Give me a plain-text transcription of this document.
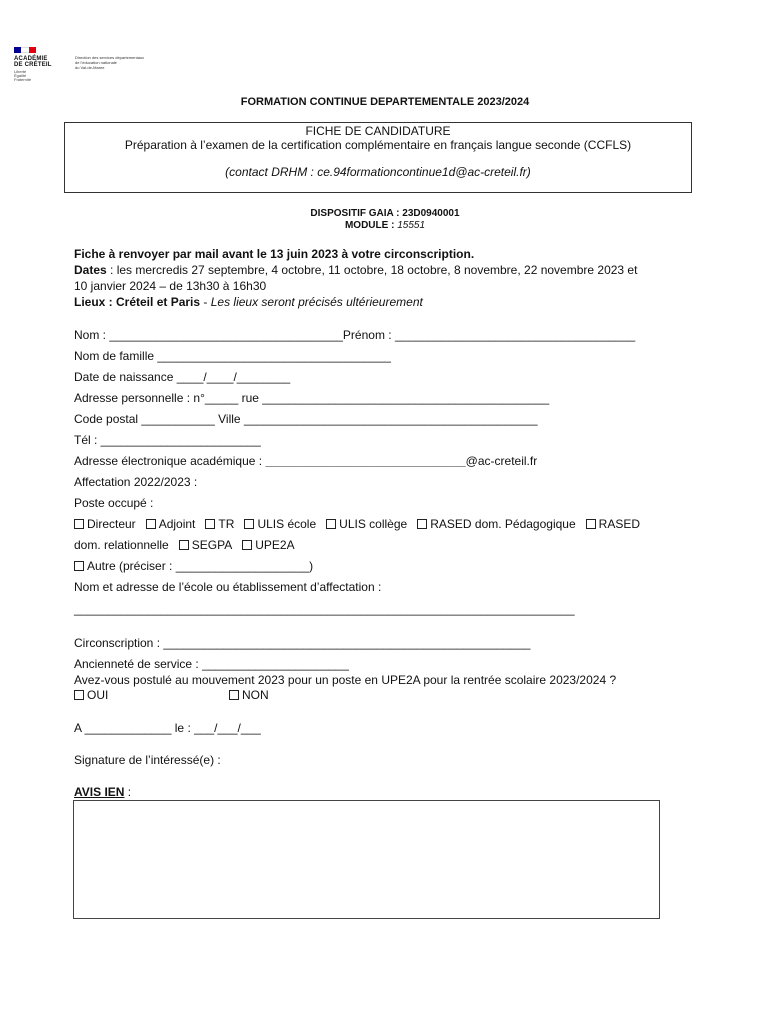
ACADÉMIE
DE CRÉTEIL
Liberté
Égalité
Fraternité
Direction des services départementaux
de l'éducation nationale
du Val-de-Marne
FORMATION CONTINUE DEPARTEMENTALE 2023/2024
FICHE DE CANDIDATURE
Préparation à l’examen de la certification complémentaire en français langue seconde (CCFLS)
(contact DRHM : ce.94formationcontinue1d@ac-creteil.fr)
DISPOSITIF GAIA : 23D0940001
MODULE : 15551
Fiche à renvoyer par mail avant le 13 juin 2023 à votre circonscription.
Dates : les mercredis 27 septembre, 4 octobre, 11 octobre, 18 octobre, 8 novembre, 22 novembre 2023 et
10 janvier 2024 – de 13h30 à 16h30
Lieux : Créteil et Paris - Les lieux seront précisés ultérieurement
Nom : ___________________________________Prénom : ____________________________________
Nom de famille ___________________________________
Date de naissance ____/____/________
Adresse personnelle : n°_____ rue ___________________________________________
Code postal ___________ Ville ____________________________________________
Tél : ________________________
Adresse électronique académique : ______________________________@ac-creteil.fr
Affectation 2022/2023 :
Poste occupé :
Directeur Adjoint TR ULIS école ULIS collège RASED dom. Pédagogique RASED
dom. relationnelle SEGPA UPE2A
Autre (préciser : ____________________)
Nom et adresse de l’école ou établissement d’affectation :
___________________________________________________________________________
Circonscription : _______________________________________________________
Ancienneté de service : ______________________
Avez-vous postulé au mouvement 2023 pour un poste en UPE2A pour la rentrée scolaire 2023/2024 ?
OUI	NON
A _____________ le : ___/___/___
Signature de l’intéressé(e) :
AVIS IEN :
